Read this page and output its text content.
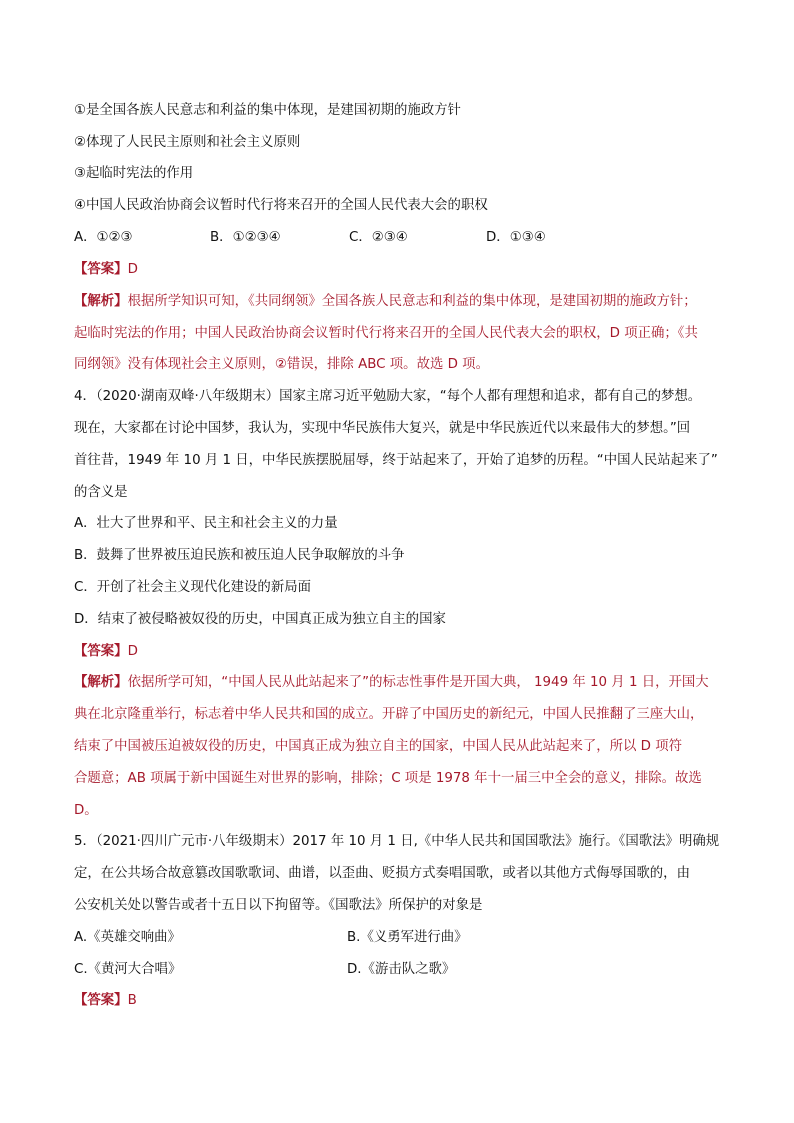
①是全国各族人民意志和利益的集中体现，是建国初期的施政方针
②体现了人民民主原则和社会主义原则
③起临时宪法的作用
④中国人民政治协商会议暂时代行将来召开的全国人民代表大会的职权
A．①②③	B．①②③④	C．②③④	D．①③④
【答案】D
【解析】根据所学知识可知，《共同纲领》全国各族人民意志和利益的集中体现，是建国初期的施政方针；
起临时宪法的作用；中国人民政治协商会议暂时代行将来召开的全国人民代表大会的职权，D 项正确；《共
同纲领》没有体现社会主义原则，②错误，排除 ABC 项。故选 D 项。
4．（2020·湖南双峰·八年级期末）国家主席习近平勉励大家，“每个人都有理想和追求，都有自己的梦想。
现在，大家都在讨论中国梦，我认为，实现中华民族伟大复兴，就是中华民族近代以来最伟大的梦想。”回
首往昔，1949 年 10 月 1 日，中华民族摆脱屈辱，终于站起来了，开始了追梦的历程。“中国人民站起来了”
的含义是
A．壮大了世界和平、民主和社会主义的力量
B．鼓舞了世界被压迫民族和被压迫人民争取解放的斗争
C．开创了社会主义现代化建设的新局面
D．结束了被侵略被奴役的历史，中国真正成为独立自主的国家
【答案】D
【解析】依据所学可知，“中国人民从此站起来了”的标志性事件是开国大典， 1949 年 10 月 1 日，开国大
典在北京隆重举行，标志着中华人民共和国的成立。开辟了中国历史的新纪元，中国人民推翻了三座大山，
结束了中国被压迫被奴役的历史，中国真正成为独立自主的国家，中国人民从此站起来了，所以 D 项符
合题意；AB 项属于新中国诞生对世界的影响，排除；C 项是 1978 年十一届三中全会的意义，排除。故选
D。
5．（2021·四川广元市·八年级期末）2017 年 10 月 1 日,《中华人民共和国国歌法》施行。《国歌法》明确规
定，在公共场合故意篡改国歌歌词、曲谱，以歪曲、贬损方式奏唱国歌，或者以其他方式侮辱国歌的，由
公安机关处以警告或者十五日以下拘留等。《国歌法》所保护的对象是
A.《英雄交响曲》	B.《义勇军进行曲》
C.《黄河大合唱》	D.《游击队之歌》
【答案】B
